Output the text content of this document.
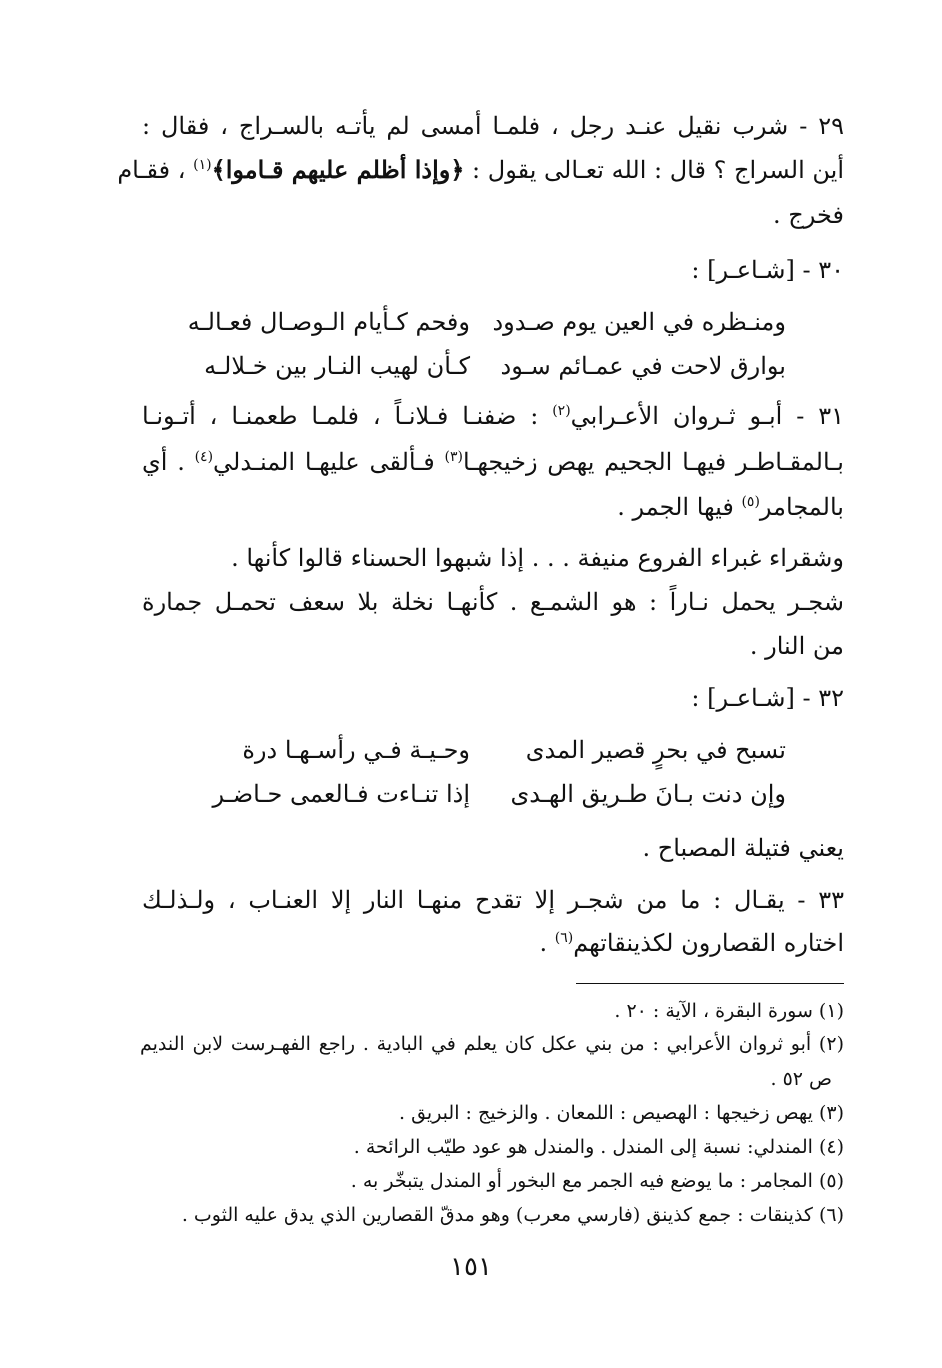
٢٩ - شرب نقيل عنـد رجل ، فلمـا أمسى لم يأتـه بالسـراج ، فقال :
أين السراج ؟ قال : الله تعـالى يقول : ﴿وإذا أظلم عليهم قـاموا﴾$^{(١)}$ ، فقـام
فخرج .
٣٠ - [شـاعـر] :
وفحم كـأيام الـوصـال فعـالـه ومنـظره في العين يوم صـدود
كـأن لهيب النـار بين خـلالـه بوارق لاحت في عمـائم سـود
٣١ - أبـو ثـروان الأعـرابي$^{(٢)}$ : ضفنـا فـلانـاً ، فلمـا طعمنـا ، أتـونـا
بـالمقـاطـر فيهـا الجحيم يهص زخيجهـا$^{(٣)}$ فـألقى عليهـا المنـدلي$^{(٤)}$ . أي
بالمجامر$^{(٥)}$ فيها الجمر .
وشقراء غبراء الفروع منيفة . . . إذا شبهوا الحسناء قالوا كأنها .
شجـر يحمل نـاراً : هو الشمـع . كأنهـا نخلة بلا سعف تحمـل جمارة
من النار .
٣٢ - [شـاعـر] :
وحـيـة فـي رأسـهـا درة تسبح في بحرٍ قصير المدى
إذا تنـاءت فـالعمى حـاضـر وإن دنت بـانَ طـريق الهـدى
يعني فتيلة المصباح .
٣٣ - يقـال : ما من شجـر إلا تقدح منهـا النار إلا العنـاب ، ولـذلـك
اختاره القصارون لكذينقاتهم$^{(٦)}$ .
(١) سورة البقرة ، الآية : ٢٠ .
(٢) أبو ثروان الأعرابي : من بني عكل كان يعلم في البادية . راجع الفهـرست لابن النديم
ص ٥٢ .
(٣) يهص زخيجها : الهصيص : اللمعان . والزخيج : البريق .
(٤) المندلي: نسبة إلى المندل . والمندل هو عود طيّب الرائحة .
(٥) المجامر : ما يوضع فيه الجمر مع البخور أو المندل يتبخّر به .
(٦) كذينقات : جمع كذينق (فارسي معرب) وهو مدقّ القصارين الذي يدق عليه الثوب .
١٥١
